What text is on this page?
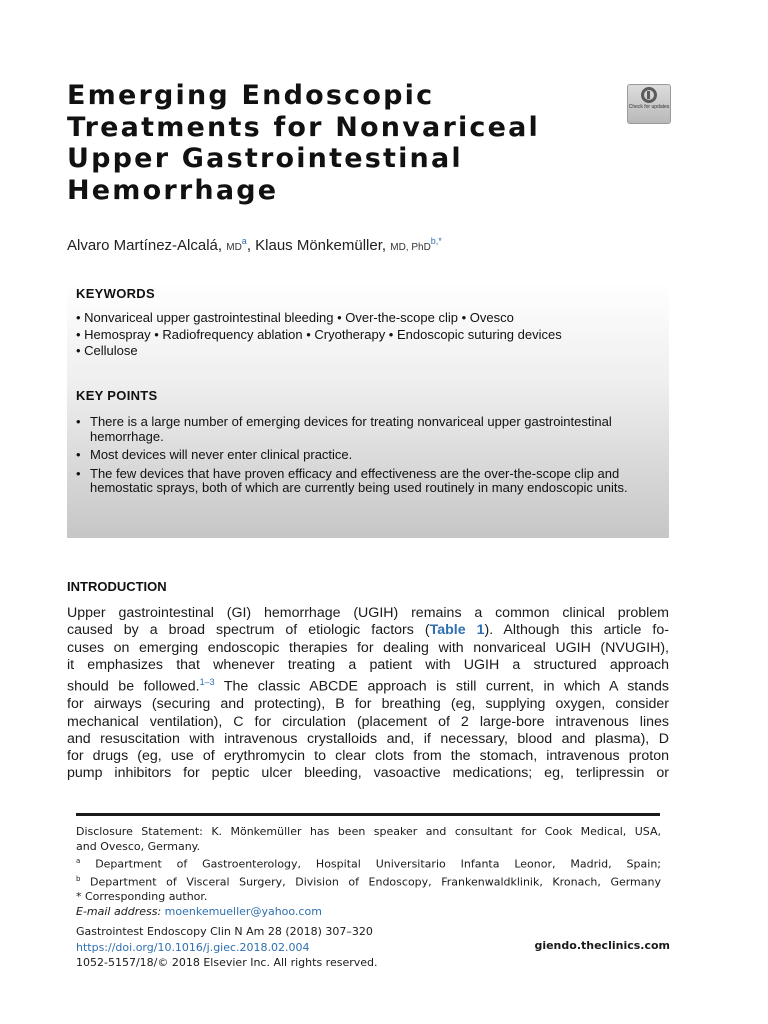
Emerging Endoscopic
Treatments for Nonvariceal
Upper Gastrointestinal
Hemorrhage
Check for updates
Alvaro Martínez-Alcalá, $MD^a$, Klaus Mönkemüller, MD, PhD$^{b,*}$
KEYWORDS
• Nonvariceal upper gastrointestinal bleeding • Over-the-scope clip • Ovesco
• Hemospray • Radiofrequency ablation • Cryotherapy • Endoscopic suturing devices
• Cellulose
KEY POINTS
• There is a large number of emerging devices for treating nonvariceal upper gastrointestinal hemorrhage.
• Most devices will never enter clinical practice.
• The few devices that have proven efficacy and effectiveness are the over-the-scope clip and hemostatic sprays, both of which are currently being used routinely in many endoscopic units.
INTRODUCTION
Upper gastrointestinal (GI) hemorrhage (UGIH) remains a common clinical problem
caused by a broad spectrum of etiologic factors (Table 1). Although this article fo-
cuses on emerging endoscopic therapies for dealing with nonvariceal UGIH (NVUGIH),
it emphasizes that whenever treating a patient with UGIH a structured approach
should be followed.$^{1-3}$ The classic ABCDE approach is still current, in which A stands
for airways (securing and protecting), B for breathing (eg, supplying oxygen, consider
mechanical ventilation), C for circulation (placement of 2 large-bore intravenous lines
and resuscitation with intravenous crystalloids and, if necessary, blood and plasma), D
for drugs (eg, use of erythromycin to clear clots from the stomach, intravenous proton
pump inhibitors for peptic ulcer bleeding, vasoactive medications; eg, terlipressin or
Disclosure Statement: K. Mönkemüller has been speaker and consultant for Cook Medical, USA,
and Ovesco, Germany.
$^a$ Department of Gastroenterology, Hospital Universitario Infanta Leonor, Madrid, Spain;
$^b$ Department of Visceral Surgery, Division of Endoscopy, Frankenwaldklinik, Kronach, Germany
* Corresponding author.
E-mail address: moenkemueller@yahoo.com
Gastrointest Endoscopy Clin N Am 28 (2018) 307–320
https://doi.org/10.1016/j.giec.2018.02.004
1052-5157/18/© 2018 Elsevier Inc. All rights reserved.
giendo.theclinics.com
